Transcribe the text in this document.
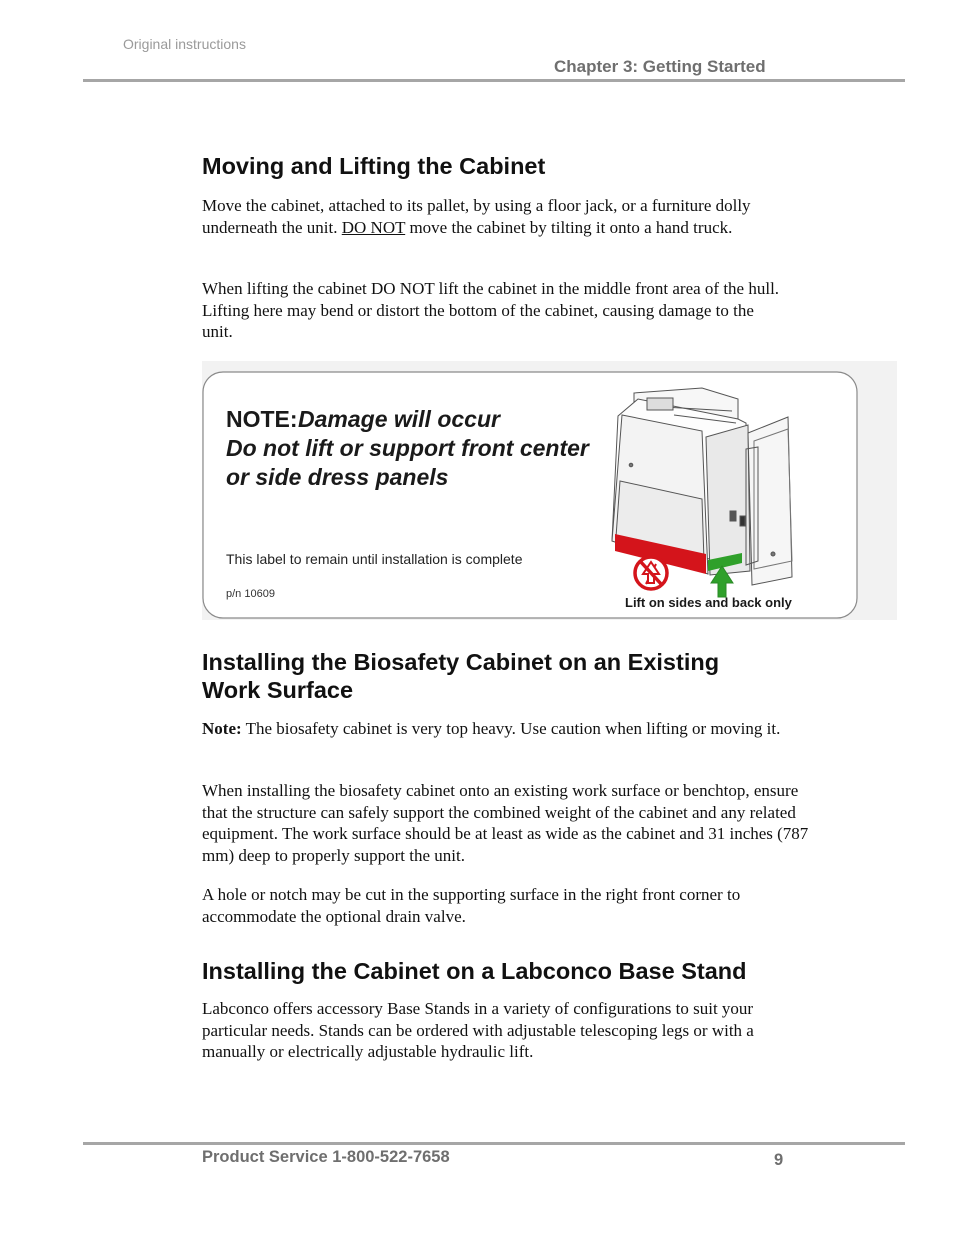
Original instructions
Chapter 3: Getting Started
Moving and Lifting the Cabinet

Move the cabinet, attached to its pallet, by using a floor jack, or a furniture dolly underneath the unit. DO NOT move the cabinet by tilting it onto a hand truck.

When lifting the cabinet DO NOT lift the cabinet in the middle front area of the hull. Lifting here may bend or distort the bottom of the cabinet, causing damage to the unit.

NOTE: Damage will occur
Do not lift or support front center
or side dress panels
This label to remain until installation is complete
p/n 10609
Lift on sides and back only
Installing the Biosafety Cabinet on an Existing
Work Surface

Note: The biosafety cabinet is very top heavy. Use caution when lifting or moving it.

When installing the biosafety cabinet onto an existing work surface or benchtop, ensure that the structure can safely support the combined weight of the cabinet and any related equipment. The work surface should be at least as wide as the cabinet and 31 inches (787 mm) deep to properly support the unit.

A hole or notch may be cut in the supporting surface in the right front corner to accommodate the optional drain valve.

Installing the Cabinet on a Labconco Base Stand

Labconco offers accessory Base Stands in a variety of configurations to suit your particular needs. Stands can be ordered with adjustable telescoping legs or with a manually or electrically adjustable hydraulic lift.

Product Service 1-800-522-7658	9
